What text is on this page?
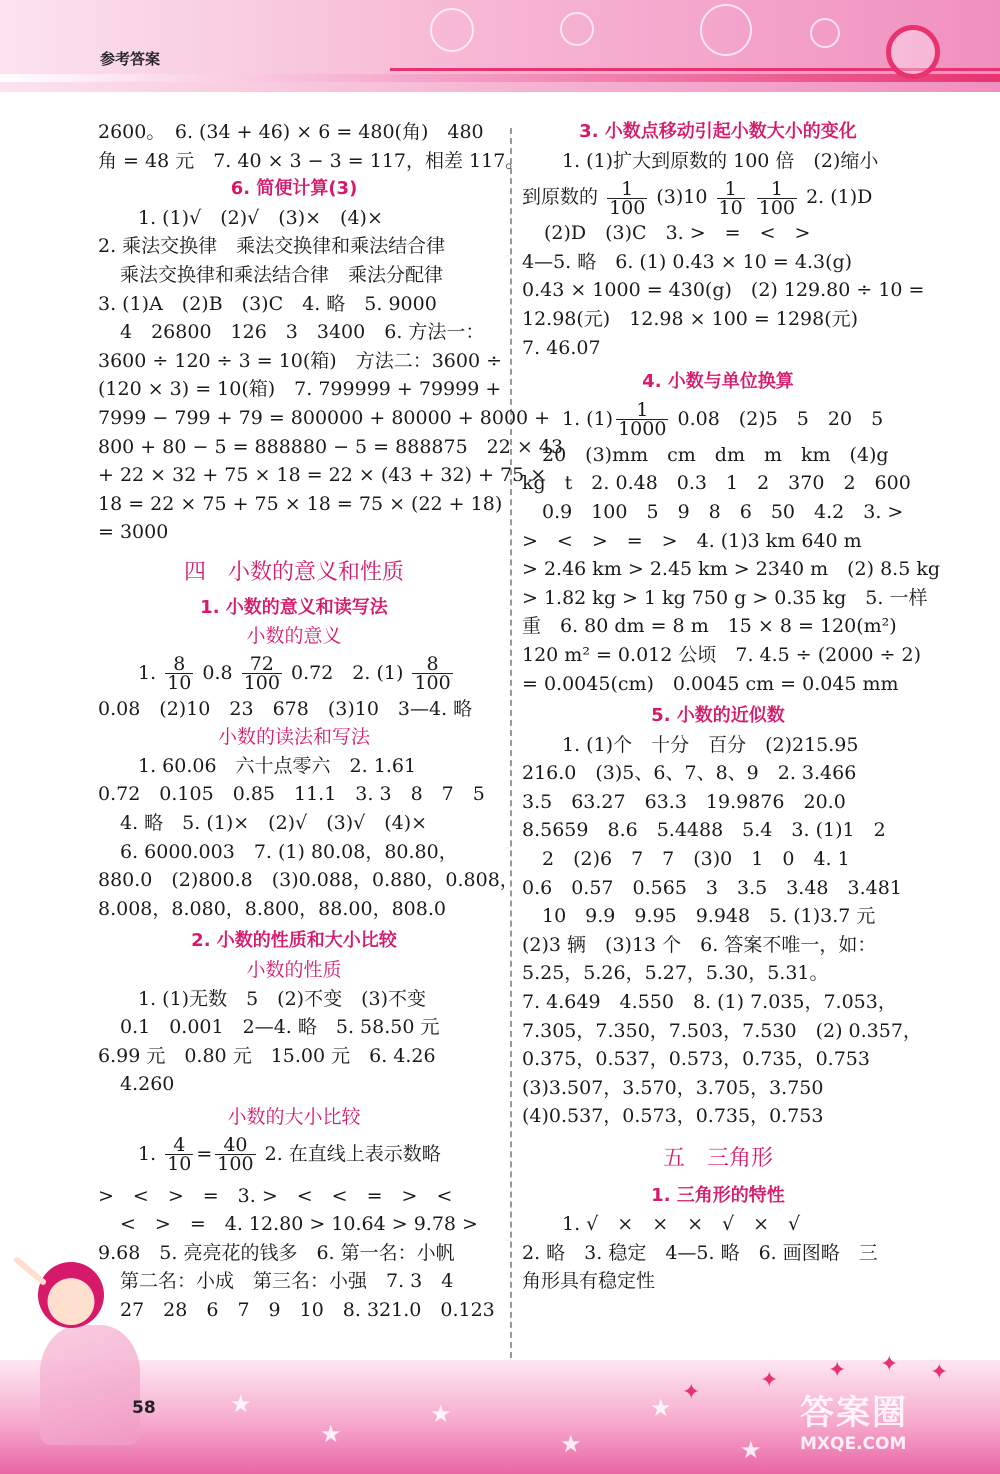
参考答案
2600。　6. (34 + 46) × 6 = 480(角)　480
角 = 48 元　7. 40 × 3 − 3 = 117，相差 117。
6. 简便计算(3)
1. (1)√　(2)√　(3)×　(4)×
2. 乘法交换律　乘法交换律和乘法结合律
乘法交换律和乘法结合律　乘法分配律
3. (1)A　(2)B　(3)C　4. 略　5. 9000
4　26800　126　3　3400　6. 方法一：
3600 ÷ 120 ÷ 3 = 10(箱)　方法二：3600 ÷
(120 × 3) = 10(箱)　7. 799999 + 79999 +
7999 − 799 + 79 = 800000 + 80000 + 8000 +
800 + 80 − 5 = 888880 − 5 = 888875　22 × 43
+ 22 × 32 + 75 × 18 = 22 × (43 + 32) + 75 ×
18 = 22 × 75 + 75 × 18 = 75 × (22 + 18)
= 3000
四　小数的意义和性质
1. 小数的意义和读写法
小数的意义
1. $\frac{8}{10} 0.8 \frac{72}{100} 0.72$　2. $(1) \frac{8}{100}$
0.08　(2)10　23　678　(3)10　3—4. 略
小数的读法和写法
1. 60.06　六十点零六　2. 1.61
0.72　0.105　0.85　11.1　3. 3　8　7　5
4. 略　5. (1)×　(2)√　(3)√　(4)×
6. 6000.003　7. (1) 80.08，80.80，
880.0　(2)800.8　(3)0.088，0.880，0.808，
8.008，8.080，8.800，88.00，808.0
2. 小数的性质和大小比较
小数的性质
1. (1)无数　5　(2)不变　(3)不变
0.1　0.001　2—4. 略　5. 58.50 元
6.99 元　0.80 元　15.00 元　6. 4.26
4.260
小数的大小比较
1. $\frac{4}{10} = \frac{40}{100} 2$. 在直线上表示数略
>　<　>　=　3. >　<　<　=　>　<
<　>　=　4. 12.80 > 10.64 > 9.78 >
9.68　5. 亮亮花的钱多　6. 第一名：小帆
第二名：小成　第三名：小强　7. 3　4
27　28　6　7　9　10　8. 321.0　0.123
3. 小数点移动引起小数大小的变化
1. (1)扩大到原数的 100 倍　(2)缩小
到原数的 $\frac{1}{100} (3)10 \frac{1}{10}$
$\frac{1}{100} 2$. (1)D
(2)D　(3)C　3. >　=　<　>
4—5. 略　6. (1) 0.43 × 10 = 4.3(g)
0.43 × 1000 = 430(g)　(2) 129.80 ÷ 10 =
12.98(元)　12.98 × 100 = 1298(元)
7. 46.07
4. 小数与单位换算
1. $(1) \frac{1}{1000} 0.08$　(2)5　5　20　5
20　(3)mm　cm　dm　m　km　(4)g
kg　t　2. 0.48　0.3　1　2　370　2　600
0.9　100　5　9　8　6　50　4.2　3. >
>　<　>　=　>　4. (1)3 km 640 m
> 2.46 km > 2.45 km > 2340 m　(2) 8.5 kg
> 1.82 kg > 1 kg 750 g > 0.35 kg　5. 一样
重　6. 80 dm = 8 m　15 × 8 = 120(m²)
120 m² = 0.012 公顷　7. 4.5 ÷ (2000 ÷ 2)
= 0.0045(cm)　0.0045 cm = 0.045 mm
5. 小数的近似数
1. (1)个　十分　百分　(2)215.95
216.0　(3)5、6、7、8、9　2. 3.466
3.5　63.27　63.3　19.9876　20.0
8.5659　8.6　5.4488　5.4　3. (1)1　2
2　(2)6　7　7　(3)0　1　0　4. 1
0.6　0.57　0.565　3　3.5　3.48　3.481
10　9.9　9.95　9.948　5. (1)3.7 元
(2)3 辆　(3)13 个　6. 答案不唯一，如：
5.25，5.26，5.27，5.30，5.31。
7. 4.649　4.550　8. (1) 7.035，7.053，
7.305，7.350，7.503，7.530　(2) 0.357，
0.375，0.537，0.573，0.735，0.753
(3)3.507，3.570，3.705，3.750
(4)0.537，0.573，0.735，0.753
五　三角形
1. 三角形的特性
1. √　×　×　×　√　×　√
2. 略　3. 稳定　4—5. 略　6. 画图略　三
角形具有稳定性
★
★
★
★
★
★
✦	✦ ✦ ✦ ✦
58	答案圈
MXQE.COM
